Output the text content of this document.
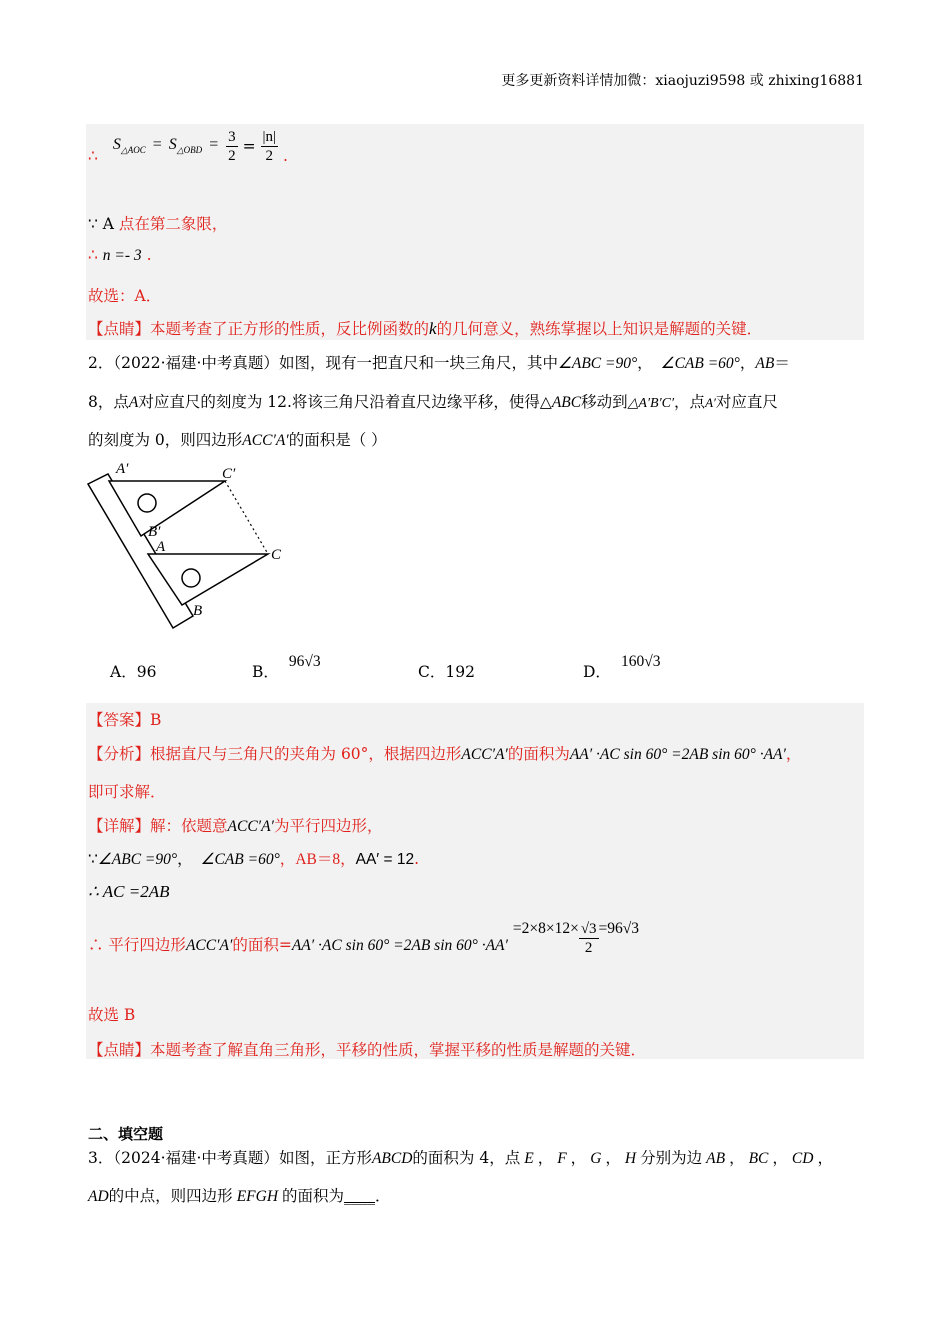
更多更新资料详情加微：xiaojuzi9598 或 zhixing16881
∴ $S_{\triangle AOC} = S_{\triangle OBD} = \frac{3}{2} = \frac{|n|}{2}$ .
∵ A 点在第二象限，
∴ n =- 3 .
故选：A．
【点睛】本题考查了正方形的性质，反比例函数的k的几何意义，熟练掌握以上知识是解题的关键．
2．（2022·福建·中考真题）如图，现有一把直尺和一块三角尺，其中∠ABC =90°， ∠CAB =60°，AB＝
8，点A对应直尺的刻度为 12.将该三角尺沿着直尺边缘平移，使得△ABC移动到△A′B′C′，点A′对应直尺
的刻度为 0，则四边形ACC′A′的面积是（ ）
A′	C′
B′
A	C
B
A．96	B．96√3
C．192	D．160√3
【答案】B
【分析】根据直尺与三角尺的夹角为 60°，根据四边形ACC′A′的面积为AA′ ·AC sin 60° =2AB sin 60° ·AA′，
即可求解．
【详解】解：依题意ACC′A′为平行四边形，
∵∠ABC =90°， ∠CAB =60°，AB＝8，AA′ = 12.
∴ AC =2AB
∴ 平行四边形ACC′A′的面积=AA′ ·AC sin 60° =2AB $\sin 60^\circ \cdot AA' =2\times 8\times 12\times \frac{√3}{2} =96√3$
故选 B
【点睛】本题考查了解直角三角形，平移的性质，掌握平移的性质是解题的关键．
二、填空题
3．（2024·福建·中考真题）如图，正方形ABCD的面积为 4，点 E ， F ， G ， H 分别为边 AB ， BC ， CD ，
AD的中点，则四边形 EFGH 的面积为____．
